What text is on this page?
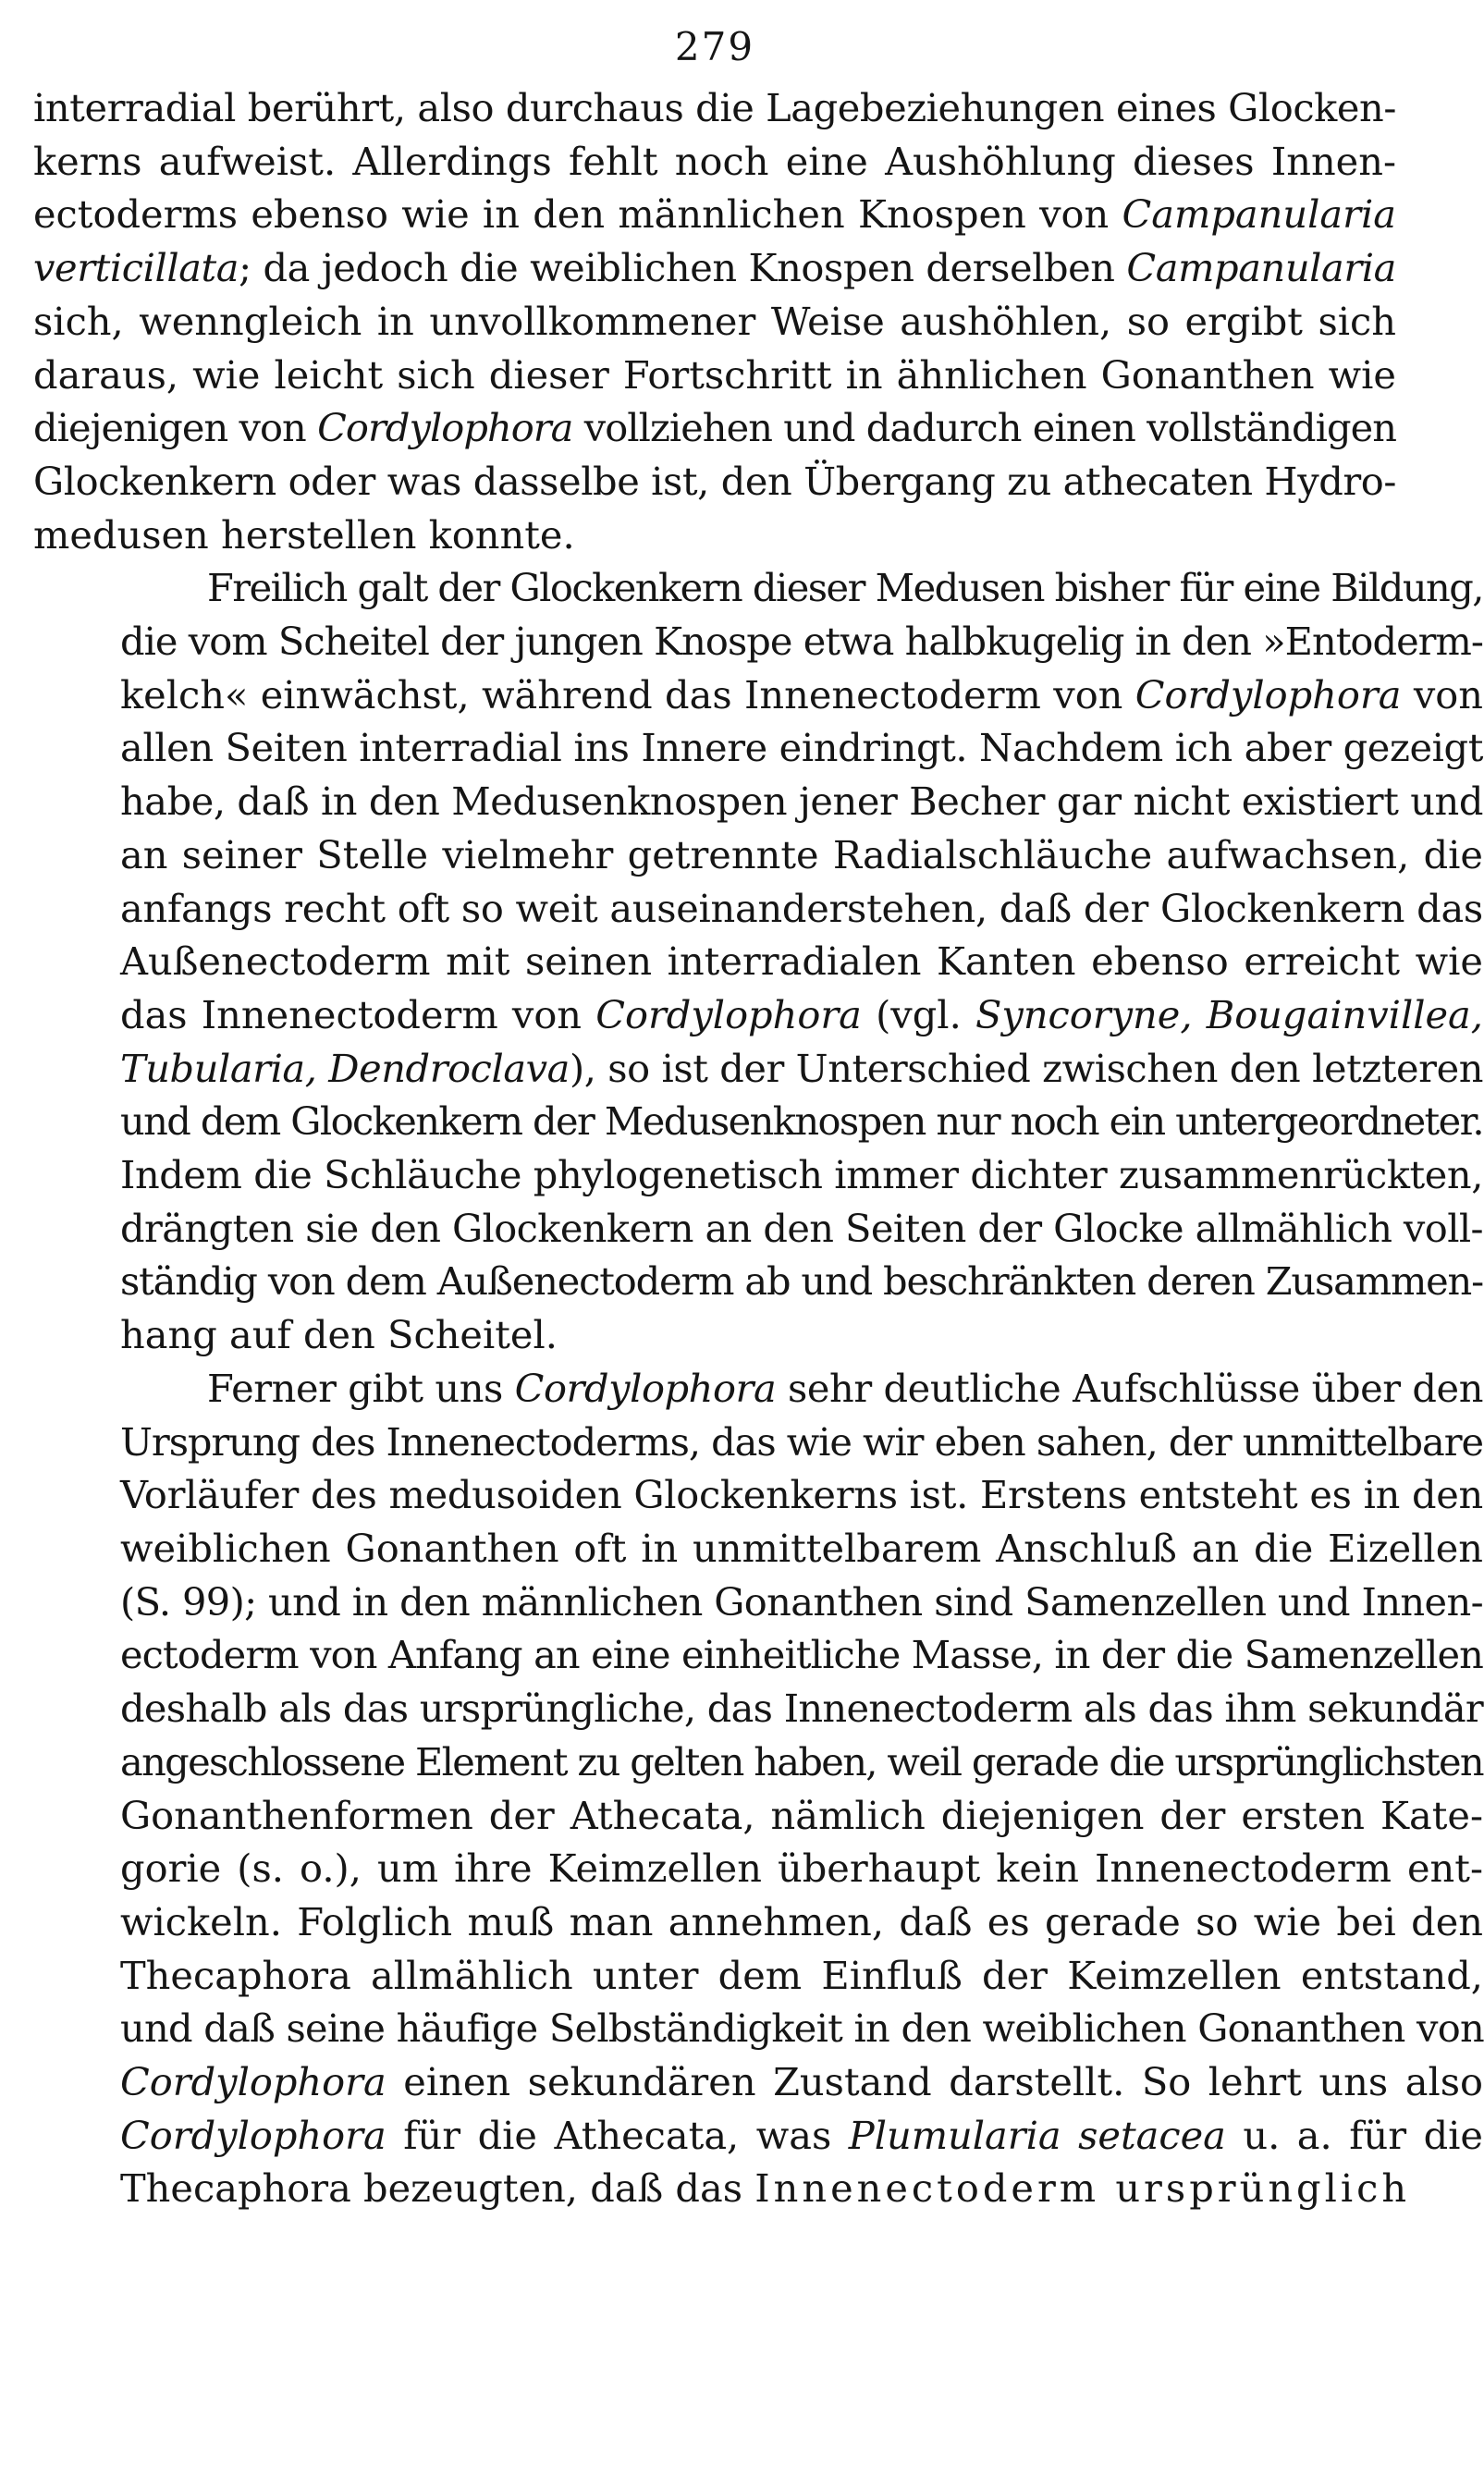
279
interradial berührt, also durchaus die Lagebeziehungen eines Glocken-
kerns aufweist. Allerdings fehlt noch eine Aushöhlung dieses Innen-
ectoderms ebenso wie in den männlichen Knospen von Campanularia
verticillata; da jedoch die weiblichen Knospen derselben Campanularia
sich, wenngleich in unvollkommener Weise aushöhlen, so ergibt sich
daraus, wie leicht sich dieser Fortschritt in ähnlichen Gonanthen wie
diejenigen von Cordylophora vollziehen und dadurch einen vollständigen
Glockenkern oder was dasselbe ist, den Übergang zu athecaten Hydro-
medusen herstellen konnte.
Freilich galt der Glockenkern dieser Medusen bisher für eine Bildung,
die vom Scheitel der jungen Knospe etwa halbkugelig in den »Entoderm-
kelch« einwächst, während das Innenectoderm von Cordylophora von
allen Seiten interradial ins Innere eindringt. Nachdem ich aber gezeigt
habe, daß in den Medusenknospen jener Becher gar nicht existiert und
an seiner Stelle vielmehr getrennte Radialschläuche aufwachsen, die
anfangs recht oft so weit auseinanderstehen, daß der Glockenkern das
Außenectoderm mit seinen interradialen Kanten ebenso erreicht wie
das Innenectoderm von Cordylophora (vgl. Syncoryne, Bougainvillea,
Tubularia, Dendroclava), so ist der Unterschied zwischen den letzteren
und dem Glockenkern der Medusenknospen nur noch ein untergeordneter.
Indem die Schläuche phylogenetisch immer dichter zusammenrückten,
drängten sie den Glockenkern an den Seiten der Glocke allmählich voll-
ständig von dem Außenectoderm ab und beschränkten deren Zusammen-
hang auf den Scheitel.
Ferner gibt uns Cordylophora sehr deutliche Aufschlüsse über den
Ursprung des Innenectoderms, das wie wir eben sahen, der unmittelbare
Vorläufer des medusoiden Glockenkerns ist. Erstens entsteht es in den
weiblichen Gonanthen oft in unmittelbarem Anschluß an die Eizellen
(S. 99); und in den männlichen Gonanthen sind Samenzellen und Innen-
ectoderm von Anfang an eine einheitliche Masse, in der die Samenzellen
deshalb als das ursprüngliche, das Innenectoderm als das ihm sekundär
angeschlossene Element zu gelten haben, weil gerade die ursprünglichsten
Gonanthenformen der Athecata, nämlich diejenigen der ersten Kate-
gorie (s. o.), um ihre Keimzellen überhaupt kein Innenectoderm ent-
wickeln. Folglich muß man annehmen, daß es gerade so wie bei den
Thecaphora allmählich unter dem Einfluß der Keimzellen entstand,
und daß seine häufige Selbständigkeit in den weiblichen Gonanthen von
Cordylophora einen sekundären Zustand darstellt. So lehrt uns also
Cordylophora für die Athecata, was Plumularia setacea u. a. für die
Thecaphora bezeugten, daß das Innenectoderm ursprünglich
